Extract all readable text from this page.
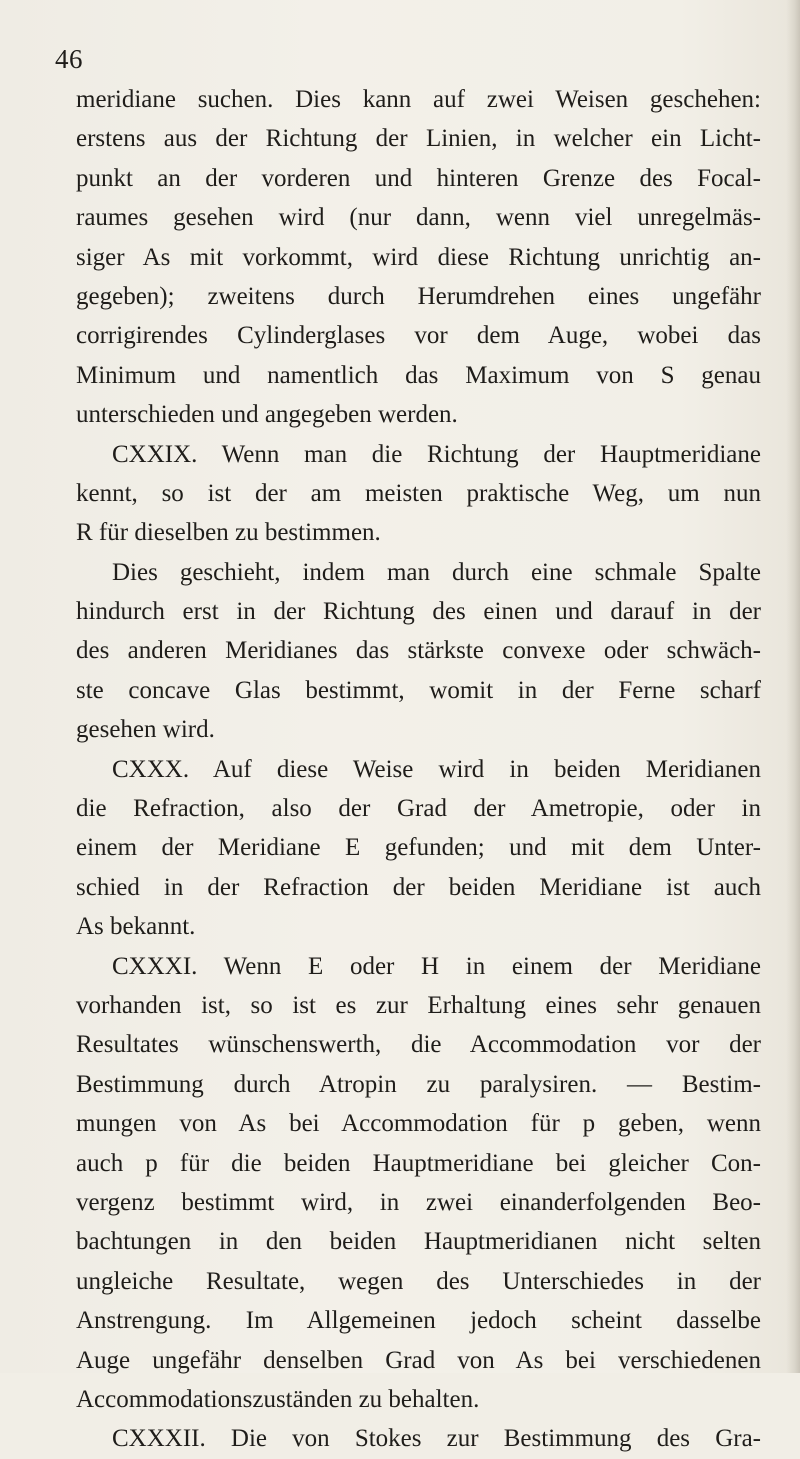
46
meridiane suchen. Dies kann auf zwei Weisen geschehen:
erstens aus der Richtung der Linien, in welcher ein Licht-
punkt an der vorderen und hinteren Grenze des Focal-
raumes gesehen wird (nur dann, wenn viel unregelmäs-
siger As mit vorkommt, wird diese Richtung unrichtig an-
gegeben); zweitens durch Herumdrehen eines ungefähr
corrigirendes Cylinderglases vor dem Auge, wobei das
Minimum und namentlich das Maximum von S genau
unterschieden und angegeben werden.
CXXIX. Wenn man die Richtung der Hauptmeridiane
kennt, so ist der am meisten praktische Weg, um nun
R für dieselben zu bestimmen.
Dies geschieht, indem man durch eine schmale Spalte
hindurch erst in der Richtung des einen und darauf in der
des anderen Meridianes das stärkste convexe oder schwäch-
ste concave Glas bestimmt, womit in der Ferne scharf
gesehen wird.
CXXX. Auf diese Weise wird in beiden Meridianen
die Refraction, also der Grad der Ametropie, oder in
einem der Meridiane E gefunden; und mit dem Unter-
schied in der Refraction der beiden Meridiane ist auch
As bekannt.
CXXXI. Wenn E oder H in einem der Meridiane
vorhanden ist, so ist es zur Erhaltung eines sehr genauen
Resultates wünschenswerth, die Accommodation vor der
Bestimmung durch Atropin zu paralysiren. — Bestim-
mungen von As bei Accommodation für p geben, wenn
auch p für die beiden Hauptmeridiane bei gleicher Con-
vergenz bestimmt wird, in zwei einanderfolgenden Beo-
bachtungen in den beiden Hauptmeridianen nicht selten
ungleiche Resultate, wegen des Unterschiedes in der
Anstrengung. Im Allgemeinen jedoch scheint dasselbe
Auge ungefähr denselben Grad von As bei verschiedenen
Accommodationszuständen zu behalten.
CXXXII. Die von Stokes zur Bestimmung des Gra-
